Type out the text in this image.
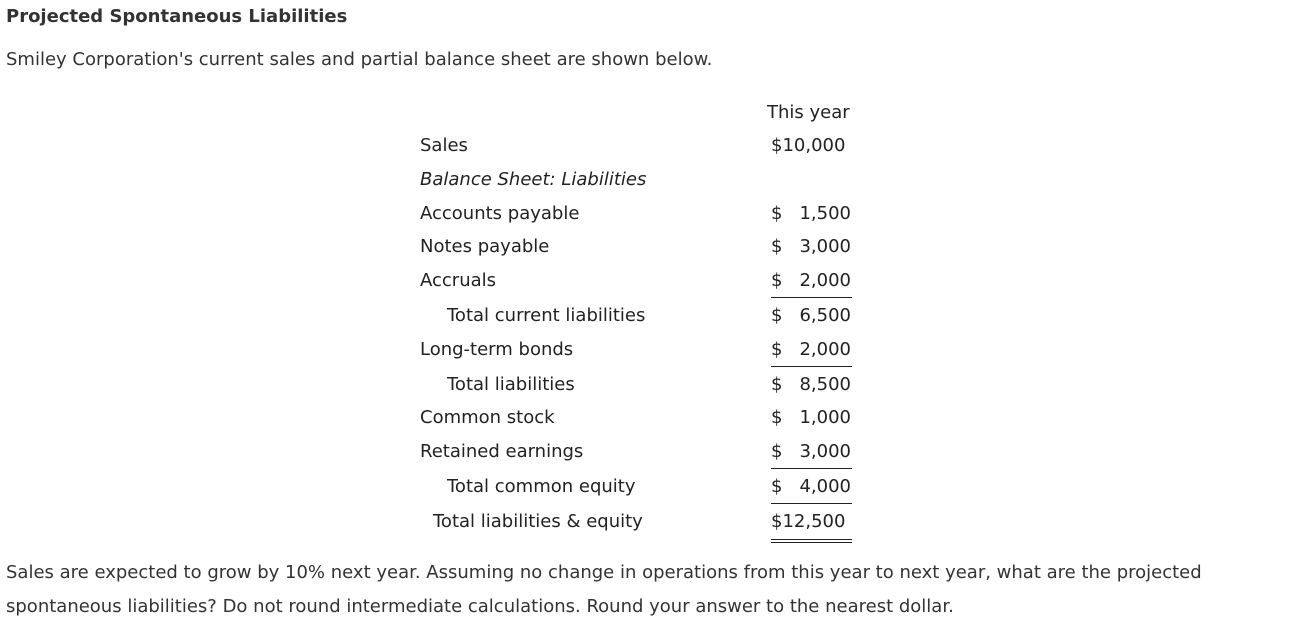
Projected Spontaneous Liabilities
Smiley Corporation's current sales and partial balance sheet are shown below.
This year
Sales	$10,000
Balance Sheet: Liabilities
Accounts payable	$ 1,500
Notes payable	$ 3,000
Accruals	$ 2,000
Total current liabilities	$ 6,500
Long-term bonds	$ 2,000
Total liabilities	$ 8,500
Common stock	$ 1,000
Retained earnings	$ 3,000
Total common equity	$ 4,000
Total liabilities & equity	$12,500
Sales are expected to grow by 10% next year. Assuming no change in operations from this year to next year, what are the projected spontaneous liabilities? Do not round intermediate calculations. Round your answer to the nearest dollar.
